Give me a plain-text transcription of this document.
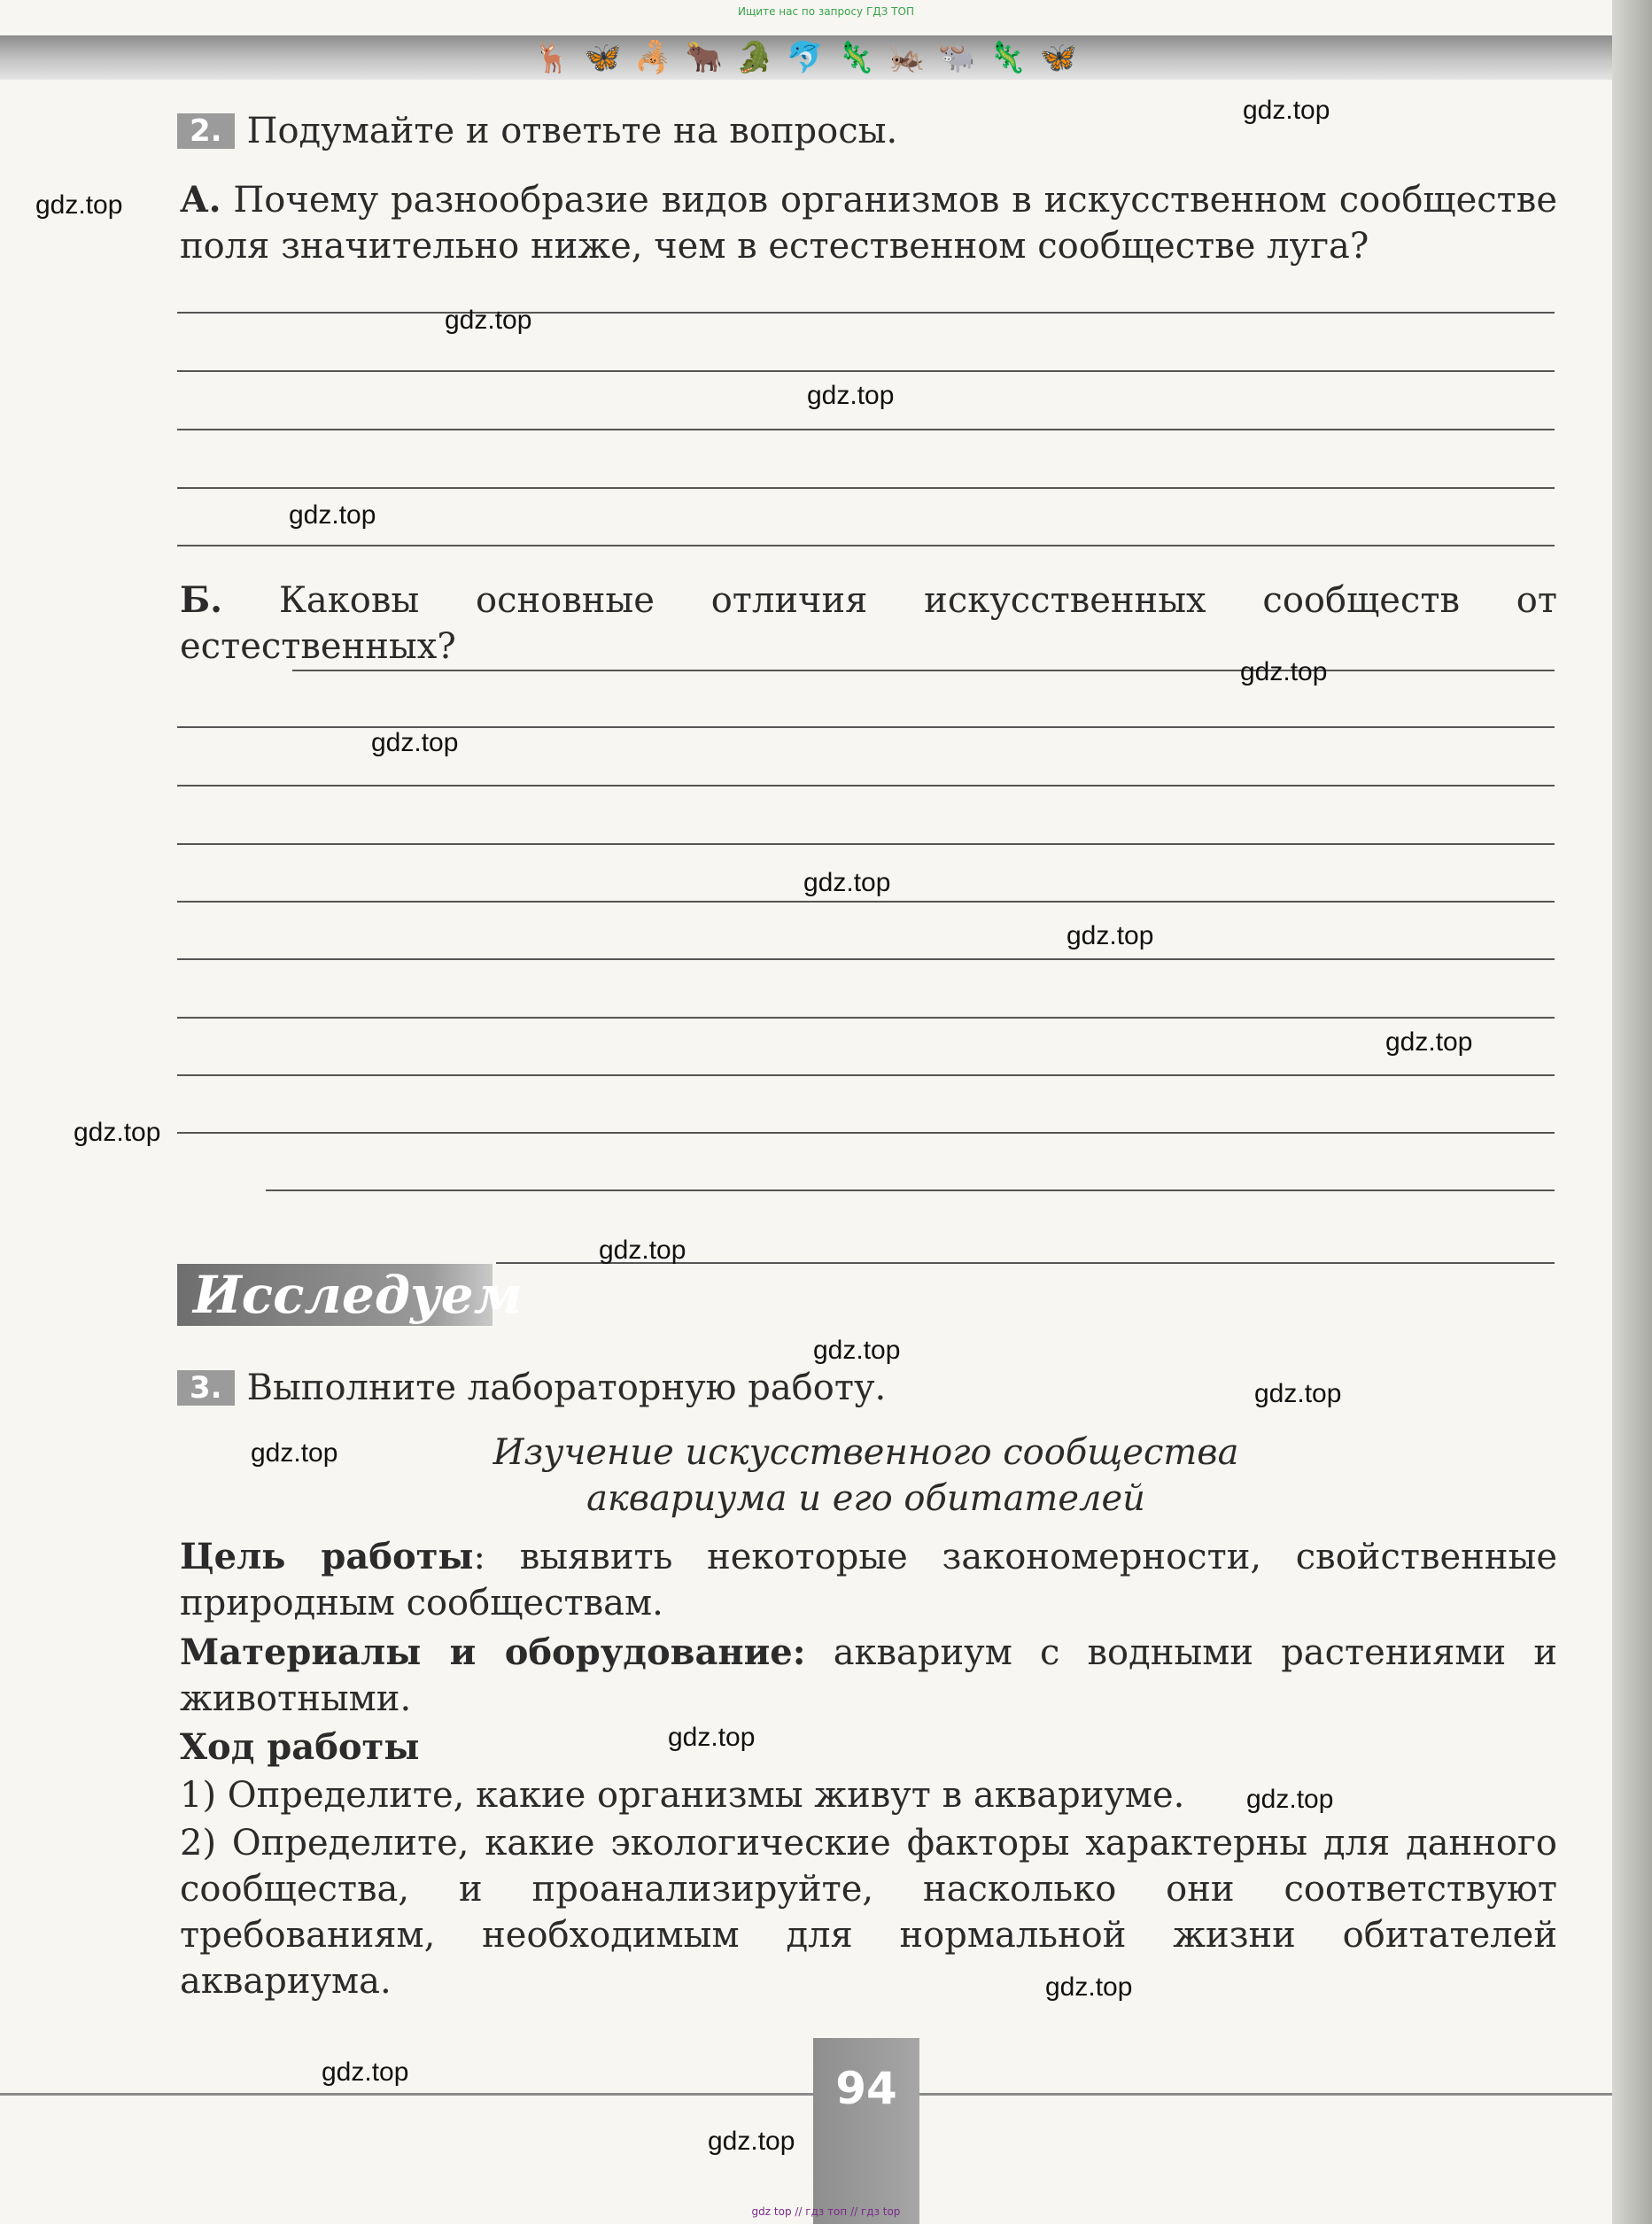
Ищите нас по запросу ГДЗ ТОП
🦌 🦋 🦂 🐂 🐊 🐬 🦎 🦗 🐃 🦎 🦋
2. Подумайте и ответьте на вопросы.
А. Почему разнообразие видов организмов в искусственном сообществе поля значительно ниже, чем в естественном сообществе луга?
Б. Каковы основные отличия искусственных сообществ от естественных?
Исследуем
3. Выполните лабораторную работу.
Изучение искусственного сообщества
аквариума и его обитателей
Цель работы: выявить некоторые закономерности, свойственные природным сообществам.
Материалы и оборудование: аквариум с водными растениями и животными.
Ход работы
1) Определите, какие организмы живут в аквариуме.
2) Определите, какие экологические факторы характерны для данного сообщества, и проанализируйте, насколько они соответствуют требованиям, необходимым для нормальной жизни обитателей аквариума.
94
gdz top // гдз топ // гдз top
gdz.top
gdz.top
gdz.top
gdz.top
gdz.top
gdz.top
gdz.top
gdz.top
gdz.top
gdz.top
gdz.top
gdz.top
gdz.top
gdz.top
gdz.top
gdz.top
gdz.top
gdz.top
gdz.top
gdz.top
